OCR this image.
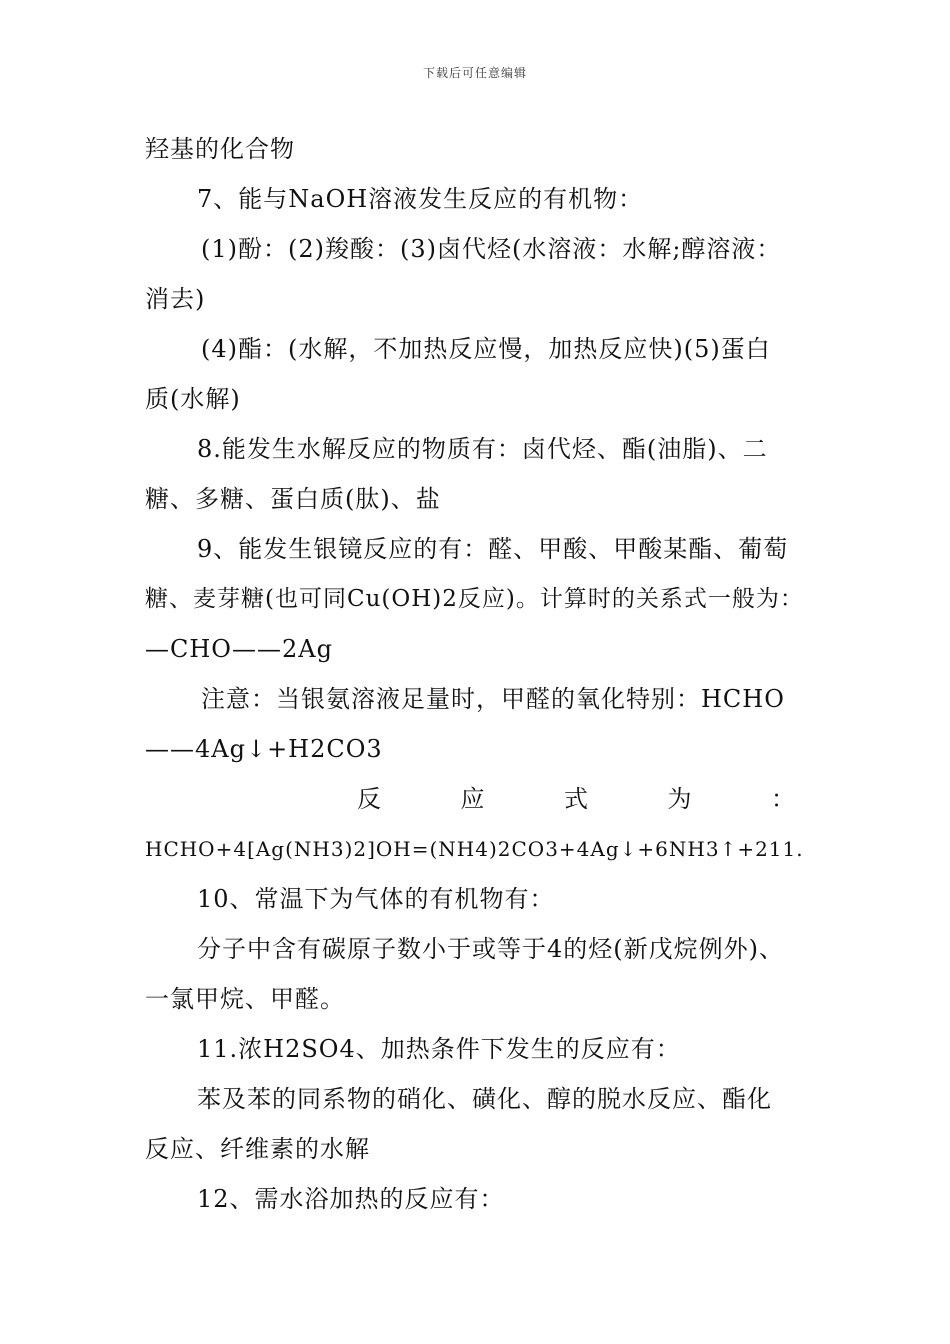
下载后可任意编辑
羟基的化合物
7、能与NaOH溶液发生反应的有机物：
(1)酚：(2)羧酸：(3)卤代烃(水溶液：水解;醇溶液：
消去)
(4)酯：(水解，不加热反应慢，加热反应快)(5)蛋白
质(水解)
8.能发生水解反应的物质有：卤代烃、酯(油脂)、二
糖、多糖、蛋白质(肽)、盐
9、能发生银镜反应的有：醛、甲酸、甲酸某酯、葡萄
糖、麦芽糖(也可同Cu(OH)2反应)。计算时的关系式一般为：
—CHO——2Ag
注意：当银氨溶液足量时，甲醛的氧化特别：HCHO
——4Ag↓+H2CO3
反	应	式	为	：
HCHO+4[Ag(NH3)2]OH=(NH4)2CO3+4Ag↓+6NH3↑+211.
10、常温下为气体的有机物有：
分子中含有碳原子数小于或等于4的烃(新戊烷例外)、
一氯甲烷、甲醛。
11.浓H2SO4、加热条件下发生的反应有：
苯及苯的同系物的硝化、磺化、醇的脱水反应、酯化
反应、纤维素的水解
12、需水浴加热的反应有：
